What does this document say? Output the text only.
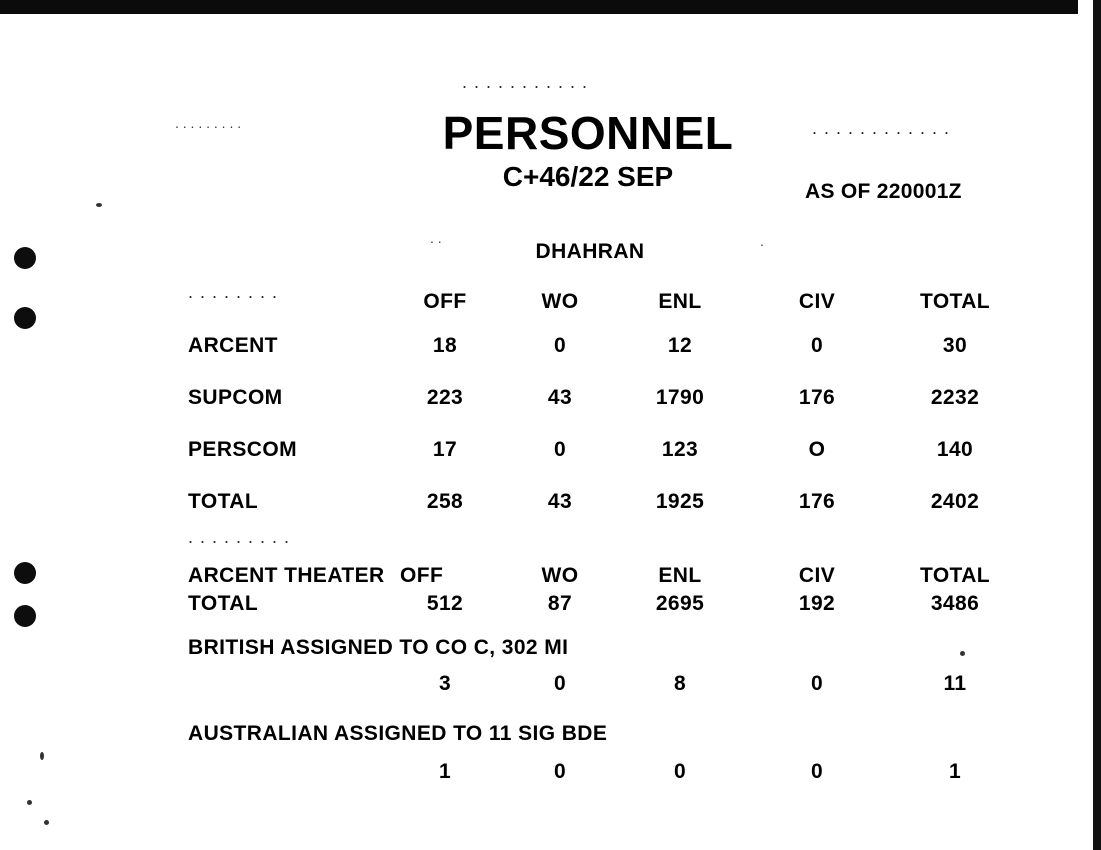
. . . . . . . . . . .
. . . . . . . . . . . .
. . . . . . . . .
. .	.
PERSONNEL
C+46/22 SEP	AS OF 220001Z
DHAHRAN
. . . . . . . .	OFF	WO	ENL	CIV	TOTAL
ARCENT	18	0	12	0	30
SUPCOM	223	43	1790	176	2232
PERSCOM	17	0	123	O	140
TOTAL	258	43	1925	176	2402
. . . . . . . . .
ARCENT THEATER OFF	WO	ENL	CIV	TOTAL
TOTAL	512	87	2695	192	3486
BRITISH ASSIGNED TO CO C, 302 MI
3	0	8	0	11
AUSTRALIAN ASSIGNED TO 11 SIG BDE
1	0	0	0	1
